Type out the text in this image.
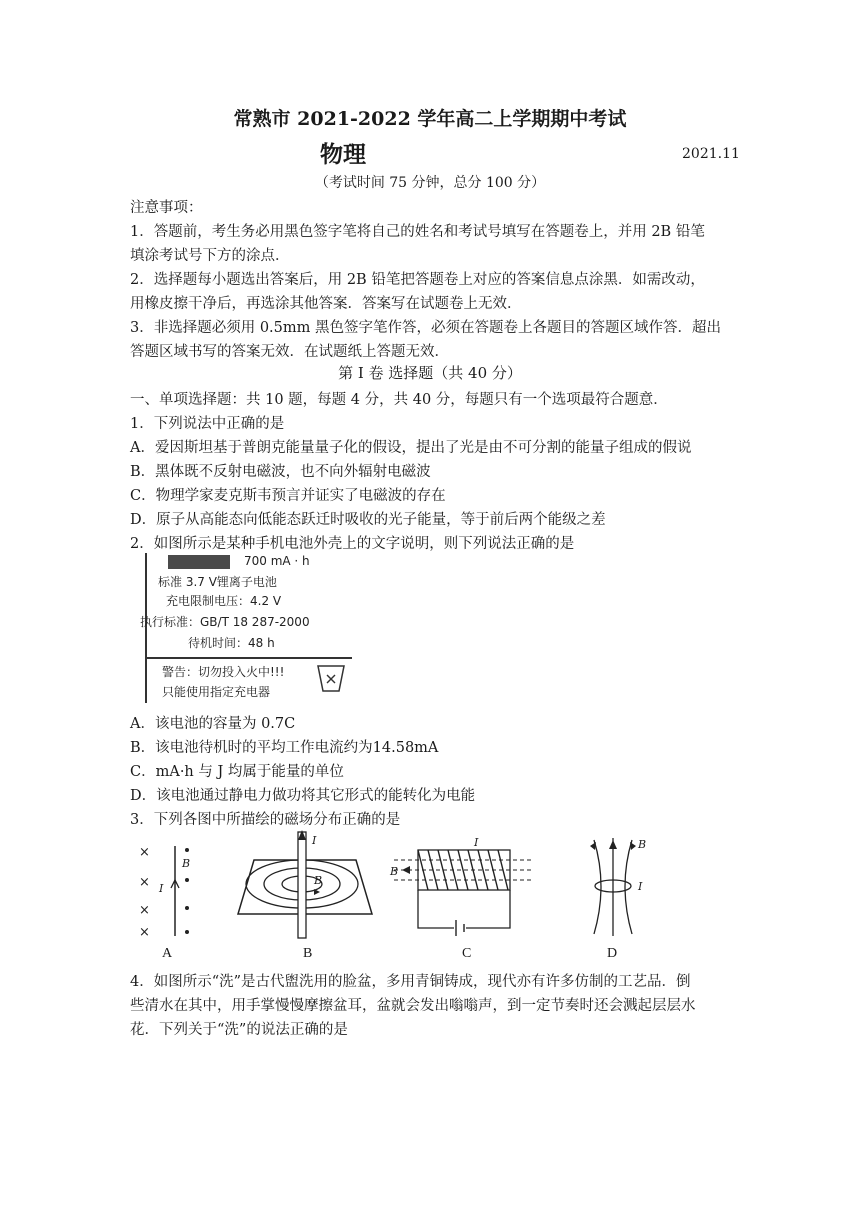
常熟市 2021-2022 学年高二上学期期中考试
物理	2021.11
（考试时间 75 分钟，总分 100 分）
注意事项：
1．答题前，考生务必用黑色签字笔将自己的姓名和考试号填写在答题卷上，并用 2B 铅笔
填涂考试号下方的涂点．
2．选择题每小题选出答案后，用 2B 铅笔把答题卷上对应的答案信息点涂黑．如需改动，
用橡皮擦干净后，再选涂其他答案．答案写在试题卷上无效．
3．非选择题必须用 0.5mm 黑色签字笔作答，必须在答题卷上各题目的答题区域作答．超出
答题区域书写的答案无效．在试题纸上答题无效．
第 I 卷 选择题（共 40 分）
一、单项选择题：共 10 题，每题 4 分，共 40 分，每题只有一个选项最符合题意．
1．下列说法中正确的是
A．爱因斯坦基于普朗克能量量子化的假设，提出了光是由不可分割的能量子组成的假说
B．黑体既不反射电磁波，也不向外辐射电磁波
C．物理学家麦克斯韦预言并证实了电磁波的存在
D．原子从高能态向低能态跃迁时吸收的光子能量，等于前后两个能级之差
2．如图所示是某种手机电池外壳上的文字说明，则下列说法正确的是
700 mA · h
标准 3.7 V锂离子电池
充电限制电压：4.2 V
执行标准：GB/T 18 287-2000
待机时间：48 h
警告：切勿投入火中!!!
只能使用指定充电器
A．该电池的容量为 0.7C
B．该电池待机时的平均工作电流约为14.58mA
C．mA·h 与 J 均属于能量的单位
D．该电池通过静电力做功将其它形式的能转化为电能
3．下列各图中所描绘的磁场分布正确的是
×
×
×
×
I
B
I
B
B
I	B
I
A	B	C	D
4．如图所示“洗”是古代盥洗用的脸盆，多用青铜铸成，现代亦有许多仿制的工艺品．倒
些清水在其中，用手掌慢慢摩擦盆耳，盆就会发出嗡嗡声，到一定节奏时还会溅起层层水
花．下列关于“洗”的说法正确的是
